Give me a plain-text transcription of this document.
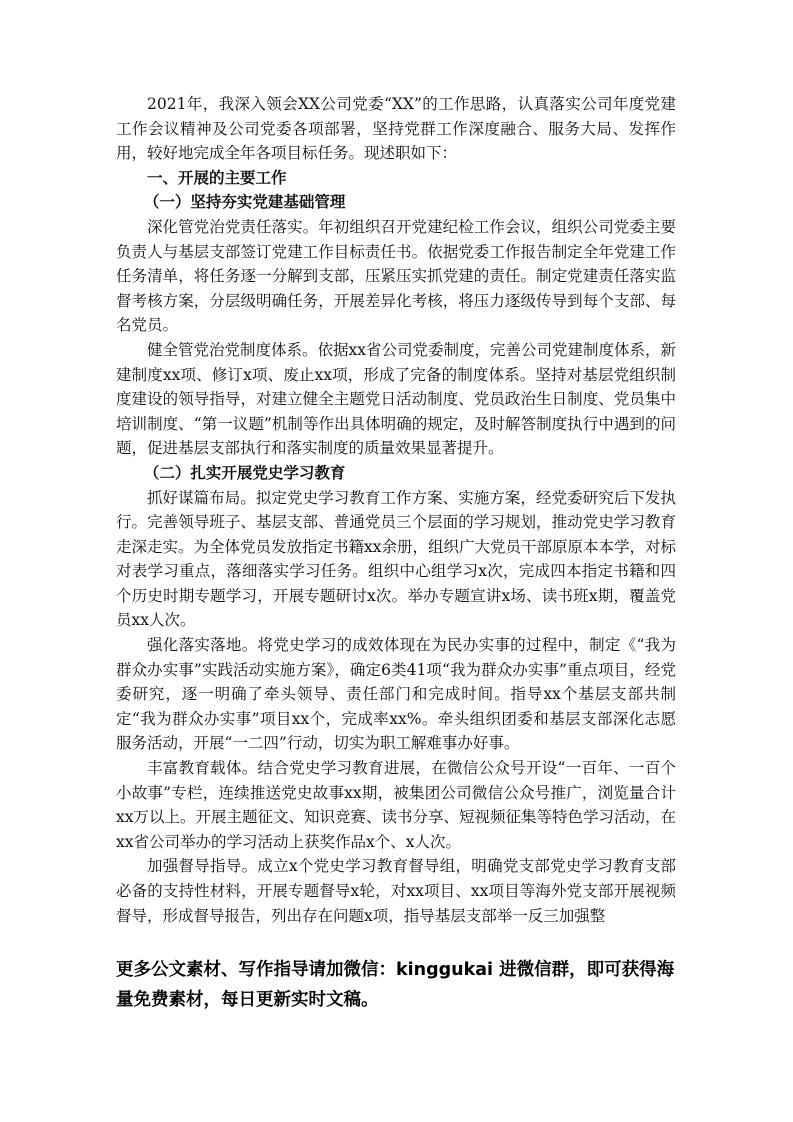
2021年，我深入领会XX公司党委“XX”的工作思路，认真落实公司年度党建工作会议精神及公司党委各项部署，坚持党群工作深度融合、服务大局、发挥作用，较好地完成全年各项目标任务。现述职如下：

一、开展的主要工作
（一）坚持夯实党建基础管理

深化管党治党责任落实。年初组织召开党建纪检工作会议，组织公司党委主要负责人与基层支部签订党建工作目标责任书。依据党委工作报告制定全年党建工作任务清单，将任务逐一分解到支部，压紧压实抓党建的责任。制定党建责任落实监督考核方案，分层级明确任务，开展差异化考核，将压力逐级传导到每个支部、每名党员。

健全管党治党制度体系。依据xx省公司党委制度，完善公司党建制度体系，新建制度xx项、修订x项、废止xx项，形成了完备的制度体系。坚持对基层党组织制度建设的领导指导，对建立健全主题党日活动制度、党员政治生日制度、党员集中培训制度、“第一议题”机制等作出具体明确的规定，及时解答制度执行中遇到的问题，促进基层支部执行和落实制度的质量效果显著提升。

（二）扎实开展党史学习教育

抓好谋篇布局。拟定党史学习教育工作方案、实施方案，经党委研究后下发执行。完善领导班子、基层支部、普通党员三个层面的学习规划，推动党史学习教育走深走实。为全体党员发放指定书籍xx余册，组织广大党员干部原原本本学，对标对表学习重点，落细落实学习任务。组织中心组学习x次，完成四本指定书籍和四个历史时期专题学习，开展专题研讨x次。举办专题宣讲x场、读书班x期，覆盖党员xx人次。

强化落实落地。将党史学习的成效体现在为民办实事的过程中，制定《“我为群众办实事”实践活动实施方案》，确定6类41项“我为群众办实事”重点项目，经党委研究，逐一明确了牵头领导、责任部门和完成时间。指导xx个基层支部共制定“我为群众办实事”项目xx个，完成率xx%。牵头组织团委和基层支部深化志愿服务活动，开展“一二四”行动，切实为职工解难事办好事。

丰富教育载体。结合党史学习教育进展，在微信公众号开设“一百年、一百个小故事”专栏，连续推送党史故事xx期，被集团公司微信公众号推广，浏览量合计xx万以上。开展主题征文、知识竞赛、读书分享、短视频征集等特色学习活动，在xx省公司举办的学习活动上获奖作品x个、x人次。

加强督导指导。成立x个党史学习教育督导组，明确党支部党史学习教育支部必备的支持性材料，开展专题督导x轮，对xx项目、xx项目等海外党支部开展视频督导，形成督导报告，列出存在问题x项，指导基层支部举一反三加强整

更多公文素材、写作指导请加微信：kinggukai 进微信群，即可获得海量免费素材，每日更新实时文稿。
